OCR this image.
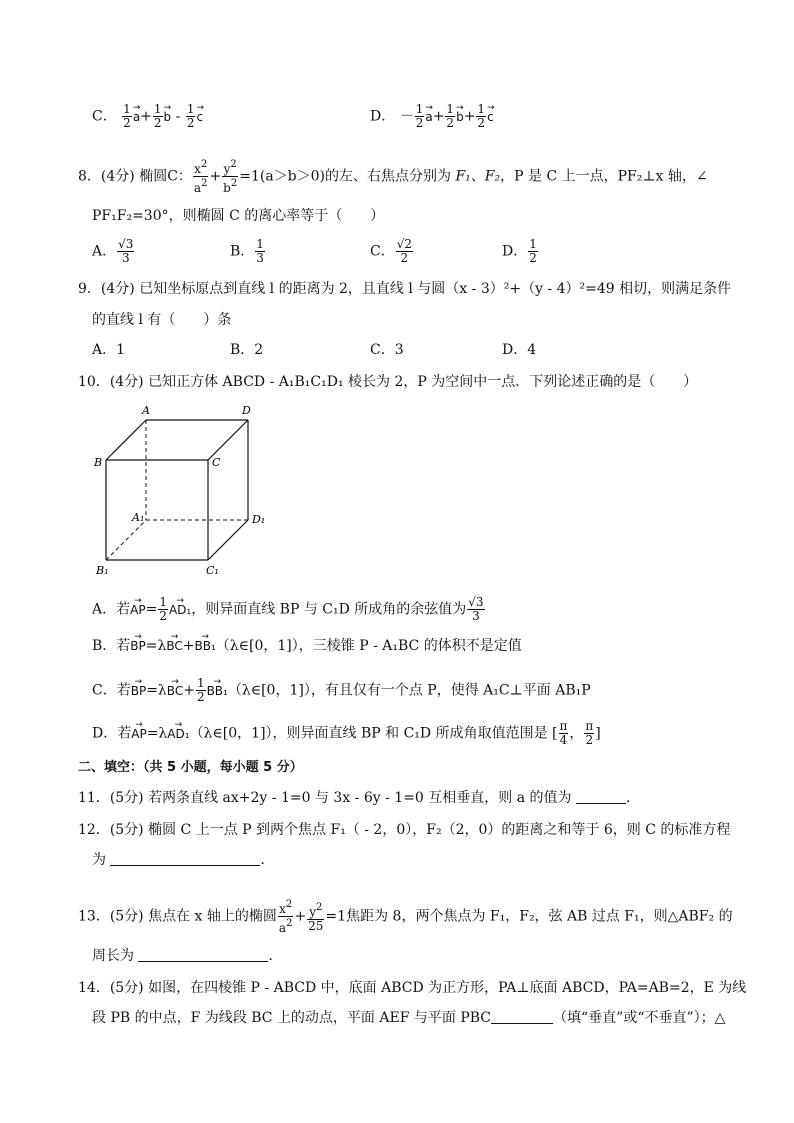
C． $\frac{1}{2}$
→ $a+ \frac{1}{2}$
→ b - $\frac{1}{2}$
→ c	D． － $\frac{1}{2}$
→ $a+ \frac{1}{2}$
→ $b+ \frac{1}{2}$
→ c
8．(4分) 椭圆C： $\frac{x^2}{a^2} + \frac{y^2}{b^2} =1(a>b>0)$的左、右焦点分别为 F₁、F₂，P 是 C 上一点，PF₂⊥x 轴，∠
PF₁F₂=30°，则椭圆 C 的离心率等于（　　）
A． $\frac{√3}{3}$	B． $\frac{1}{3}$	C． $\frac{√2}{2}$	D． $\frac{1}{2}$
9．(4分) 已知坐标原点到直线 l 的距离为 2，且直线 l 与圆（x - 3）²+（y - 4）²=49 相切，则满足条件
的直线 l 有（　　）条
A．1	B．2	C．3	D．4
10．(4分) 已知正方体 ABCD - A₁B₁C₁D₁ 棱长为 2，P 为空间中一点．下列论述正确的是（　　）
A	D
B	C
A₁	D₁
B₁	C₁
A．若→ $AP= \frac{1}{2}$
→ AD₁，则异面直线 BP 与 C₁D 所成角的余弦值为 $\frac{√3}{3}$
B．若→ BP=λ→ BC+→ BB₁（λ∈[0，1]），三棱锥 P - A₁BC 的体积不是定值
C．若→ $BP=\lambda\to BC+ \frac{1}{2}$
→ BB₁（λ∈[0，1]），有且仅有一个点 P，使得 A₁C⊥平面 AB₁P
D．若→ AP=λ→ AD₁（λ∈[0，1]），则异面直线 BP 和 C₁D 所成角取值范围是 [ $\frac{\pi}{4}$ ， $\frac{\pi}{2}$ ]
二、填空：（共 5 小题，每小题 5 分）
11．(5分) 若两条直线 ax+2y - 1=0 与 3x - 6y - 1=0 互相垂直，则 a 的值为	．
12．(5分) 椭圆 C 上一点 P 到两个焦点 F₁（ - 2，0），F₂（2，0）的距离之和等于 6，则 C 的标准方程
为	．
13．(5分) 焦点在 x 轴上的椭圆 $\frac{x^2}{a^2} + \frac{y^2}{25} =1$焦距为 8，两个焦点为 F₁，F₂，弦 AB 过点 F₁，则△ABF₂ 的
周长为	．
14．(5分) 如图，在四棱锥 P - ABCD 中，底面 ABCD 为正方形，PA⊥底面 ABCD，PA=AB=2，E 为线
段 PB 的中点，F 为线段 BC 上的动点，平面 AEF 与平面 PBC	（填“垂直”或“不垂直”）；△
